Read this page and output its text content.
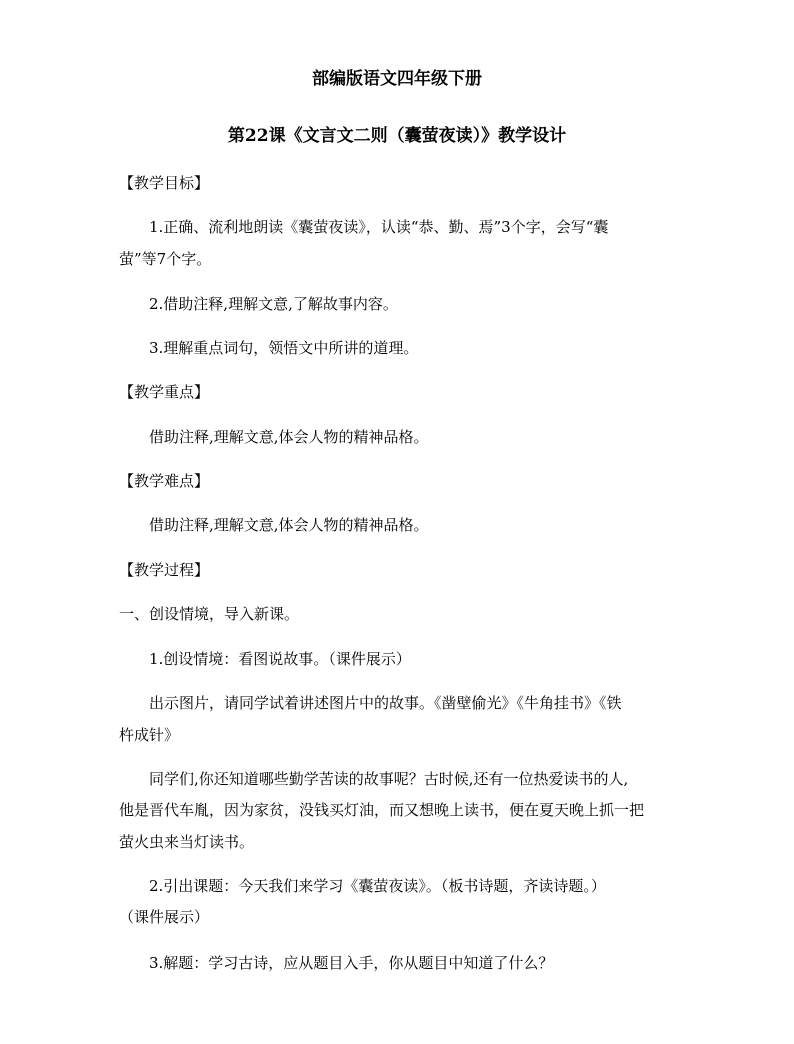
部编版语文四年级下册
第22课《文言文二则（囊萤夜读）》教学设计
【教学目标】
1.正确、流利地朗读《囊萤夜读》，认读“恭、勤、焉”3个字，会写“囊
萤”等7个字。
2.借助注释,理解文意,了解故事内容。
3.理解重点词句，领悟文中所讲的道理。
【教学重点】
借助注释,理解文意,体会人物的精神品格。
【教学难点】
借助注释,理解文意,体会人物的精神品格。
【教学过程】
一、创设情境，导入新课。
1.创设情境：看图说故事。（课件展示）
出示图片，请同学试着讲述图片中的故事。《凿壁偷光》《牛角挂书》《铁
杵成针》
同学们,你还知道哪些勤学苦读的故事呢？古时候,还有一位热爱读书的人,
他是晋代车胤，因为家贫，没钱买灯油，而又想晚上读书，便在夏天晚上抓一把
萤火虫来当灯读书。
2.引出课题：今天我们来学习《囊萤夜读》。（板书诗题，齐读诗题。）
（课件展示）
3.解题：学习古诗，应从题目入手，你从题目中知道了什么？
